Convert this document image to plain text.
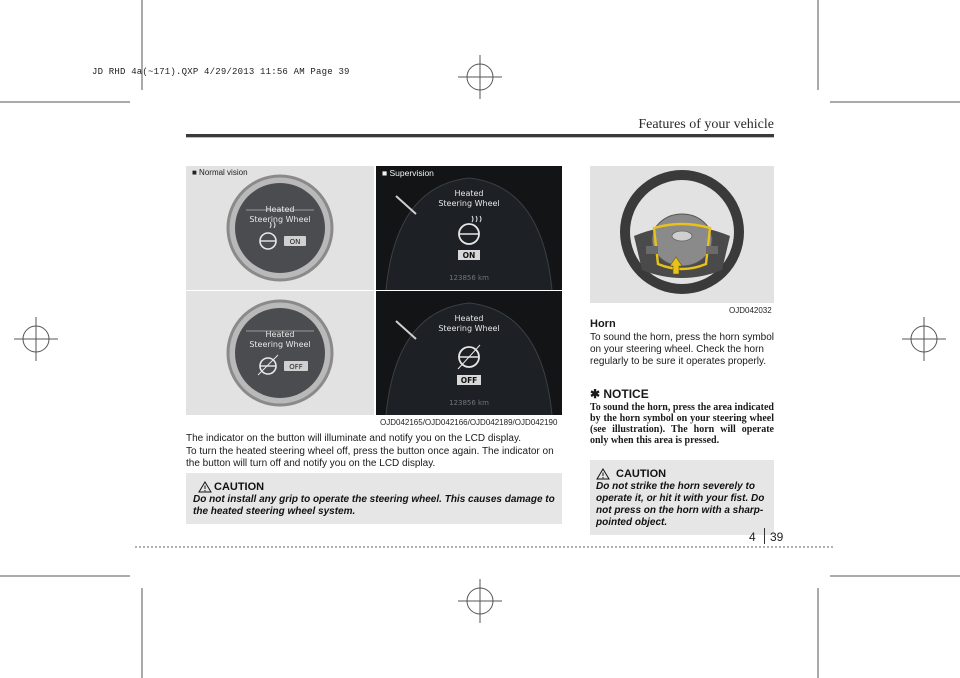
JD RHD 4a(~171).QXP 4/29/2013 11:56 AM Page 39
Features of your vehicle
■ Normal vision
Heated
Steering Wheel
ON
Heated
Steering Wheel
OFF
Heated
Steering Wheel
ON
123856 km
■ Supervision
Heated
Steering Wheel
OFF
123856 km
OJD042165/OJD042166/OJD042189/OJD042190
The indicator on the button will illuminate and notify you on the LCD display.
To turn the heated steering wheel off, press the button once again. The indicator on the button will turn off and notify you on the LCD display.
CAUTION
Do not install any grip to operate the steering wheel. This causes damage to the heated steering wheel system.
OJD042032
Horn
To sound the horn, press the horn symbol on your steering wheel. Check the horn regularly to be sure it operates properly.
✱ NOTICE
To sound the horn, press the area indicated by the horn symbol on your steering wheel (see illustration). The horn will operate only when this area is pressed.
CAUTION
Do not strike the horn severely to operate it, or hit it with your fist. Do not press on the horn with a sharp-pointed object.
4 39
